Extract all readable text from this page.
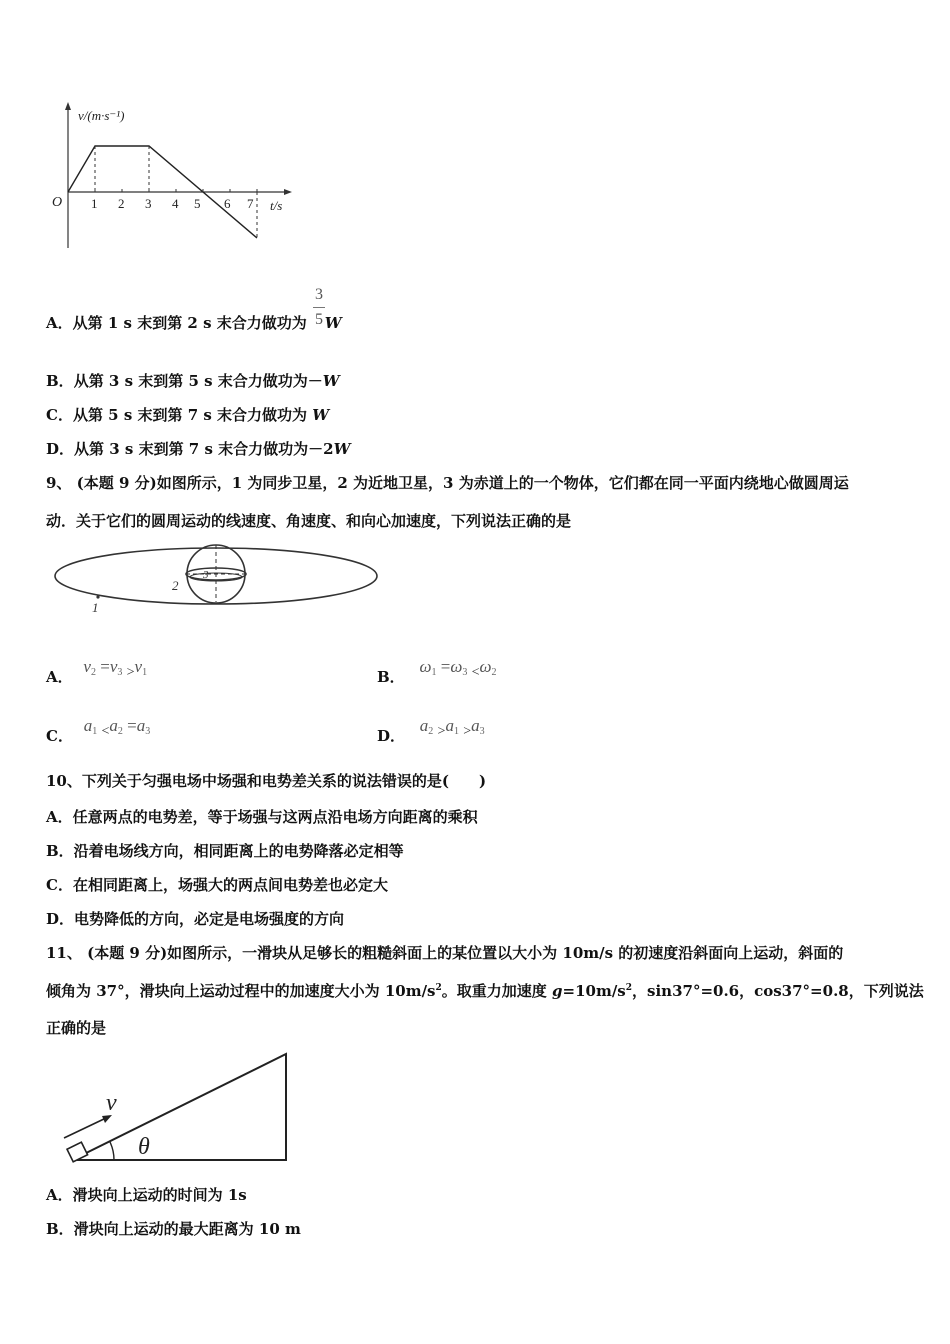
v/(m·s⁻¹)
O	t/s
1 2 3 4 5 6 7
3
5
A．从第 1 s 末到第 2 s 末合力做功为 W
B．从第 3 s 末到第 5 s 末合力做功为－W
C．从第 5 s 末到第 7 s 末合力做功为 W
D．从第 3 s 末到第 7 s 末合力做功为－2W
9、 (本题 9 分)如图所示，1 为同步卫星，2 为近地卫星，3 为赤道上的一个物体，它们都在同一平面内绕地心做圆周运
动．关于它们的圆周运动的线速度、角速度、和向心加速度，下列说法正确的是
1
2
3
A． $v_2 =v_3$ $_>v_1$	B． $\omega_1 =\omega_3$ $_<\omega_2$
C． $a_1$ $_<a_2 =a_3$	D． $a_2$ $_>a_1$ $_>a_3$
10、下列关于匀强电场中场强和电势差关系的说法错误的是(　　)
A．任意两点的电势差，等于场强与这两点沿电场方向距离的乘积
B．沿着电场线方向，相同距离上的电势降落必定相等
C．在相同距离上，场强大的两点间电势差也必定大
D．电势降低的方向，必定是电场强度的方向
11、 (本题 9 分)如图所示，一滑块从足够长的粗糙斜面上的某位置以大小为 10m/s 的初速度沿斜面向上运动，斜面的
倾角为 37°，滑块向上运动过程中的加速度大小为 $10m/s^2$。取重力加速度 $g=10m/s^2$，sin37°=0.6，cos37°=0.8，下列说法
正确的是
v
θ
A．滑块向上运动的时间为 1s
B．滑块向上运动的最大距离为 10 m
